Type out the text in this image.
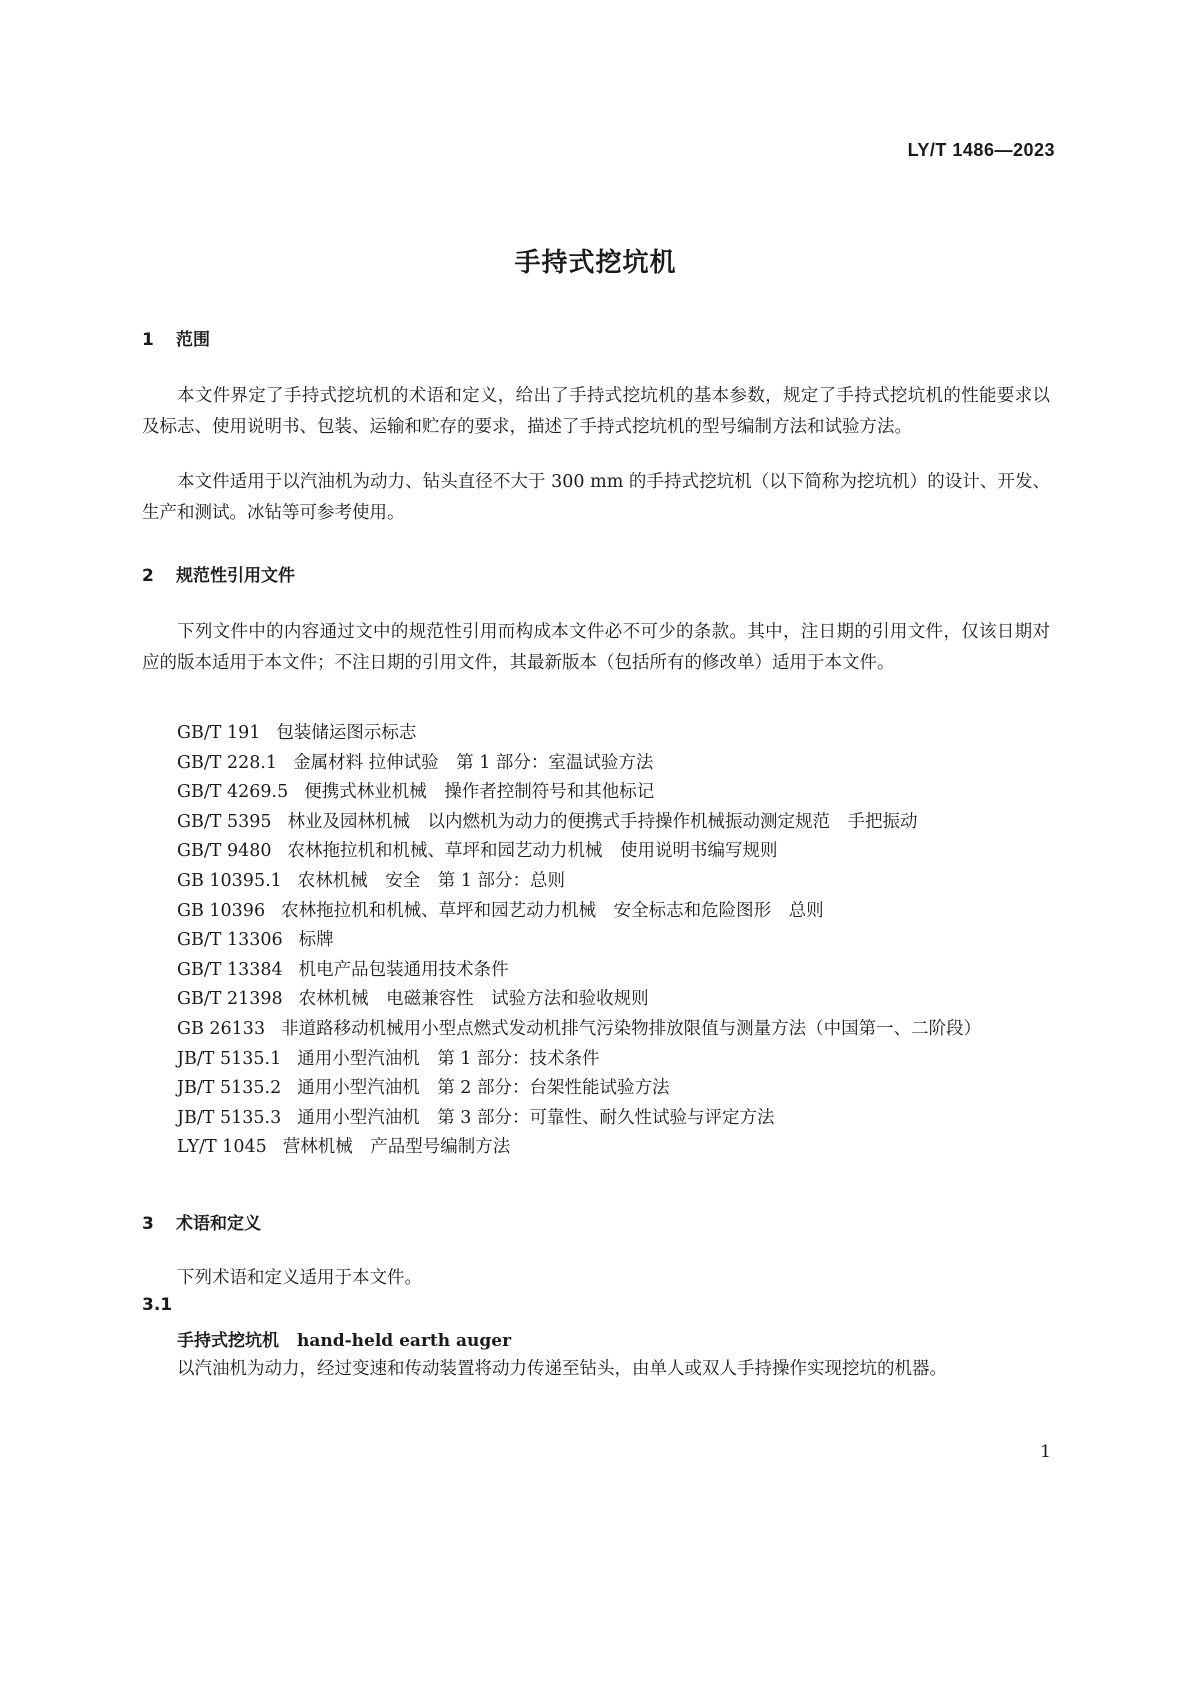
LY/T 1486—2023
手持式挖坑机
1 范围
本文件界定了手持式挖坑机的术语和定义，给出了手持式挖坑机的基本参数，规定了手持式挖坑机的性能要求以及标志、使用说明书、包装、运输和贮存的要求，描述了手持式挖坑机的型号编制方法和试验方法。
本文件适用于以汽油机为动力、钻头直径不大于 300 mm 的手持式挖坑机（以下简称为挖坑机）的设计、开发、生产和测试。冰钻等可参考使用。
2 规范性引用文件
下列文件中的内容通过文中的规范性引用而构成本文件必不可少的条款。其中，注日期的引用文件，仅该日期对应的版本适用于本文件；不注日期的引用文件，其最新版本（包括所有的修改单）适用于本文件。
GB/T 191 包装储运图示标志
GB/T 228.1 金属材料 拉伸试验　第 1 部分：室温试验方法
GB/T 4269.5 便携式林业机械　操作者控制符号和其他标记
GB/T 5395 林业及园林机械　以内燃机为动力的便携式手持操作机械振动测定规范　手把振动
GB/T 9480 农林拖拉机和机械、草坪和园艺动力机械　使用说明书编写规则
GB 10395.1 农林机械　安全　第 1 部分：总则
GB 10396 农林拖拉机和机械、草坪和园艺动力机械　安全标志和危险图形　总则
GB/T 13306 标牌
GB/T 13384 机电产品包装通用技术条件
GB/T 21398 农林机械　电磁兼容性　试验方法和验收规则
GB 26133 非道路移动机械用小型点燃式发动机排气污染物排放限值与测量方法（中国第一、二阶段）
JB/T 5135.1 通用小型汽油机　第 1 部分：技术条件
JB/T 5135.2 通用小型汽油机　第 2 部分：台架性能试验方法
JB/T 5135.3 通用小型汽油机　第 3 部分：可靠性、耐久性试验与评定方法
LY/T 1045 营林机械　产品型号编制方法
3 术语和定义
下列术语和定义适用于本文件。
3.1
手持式挖坑机 hand-held earth auger
以汽油机为动力，经过变速和传动装置将动力传递至钻头，由单人或双人手持操作实现挖坑的机器。
1
